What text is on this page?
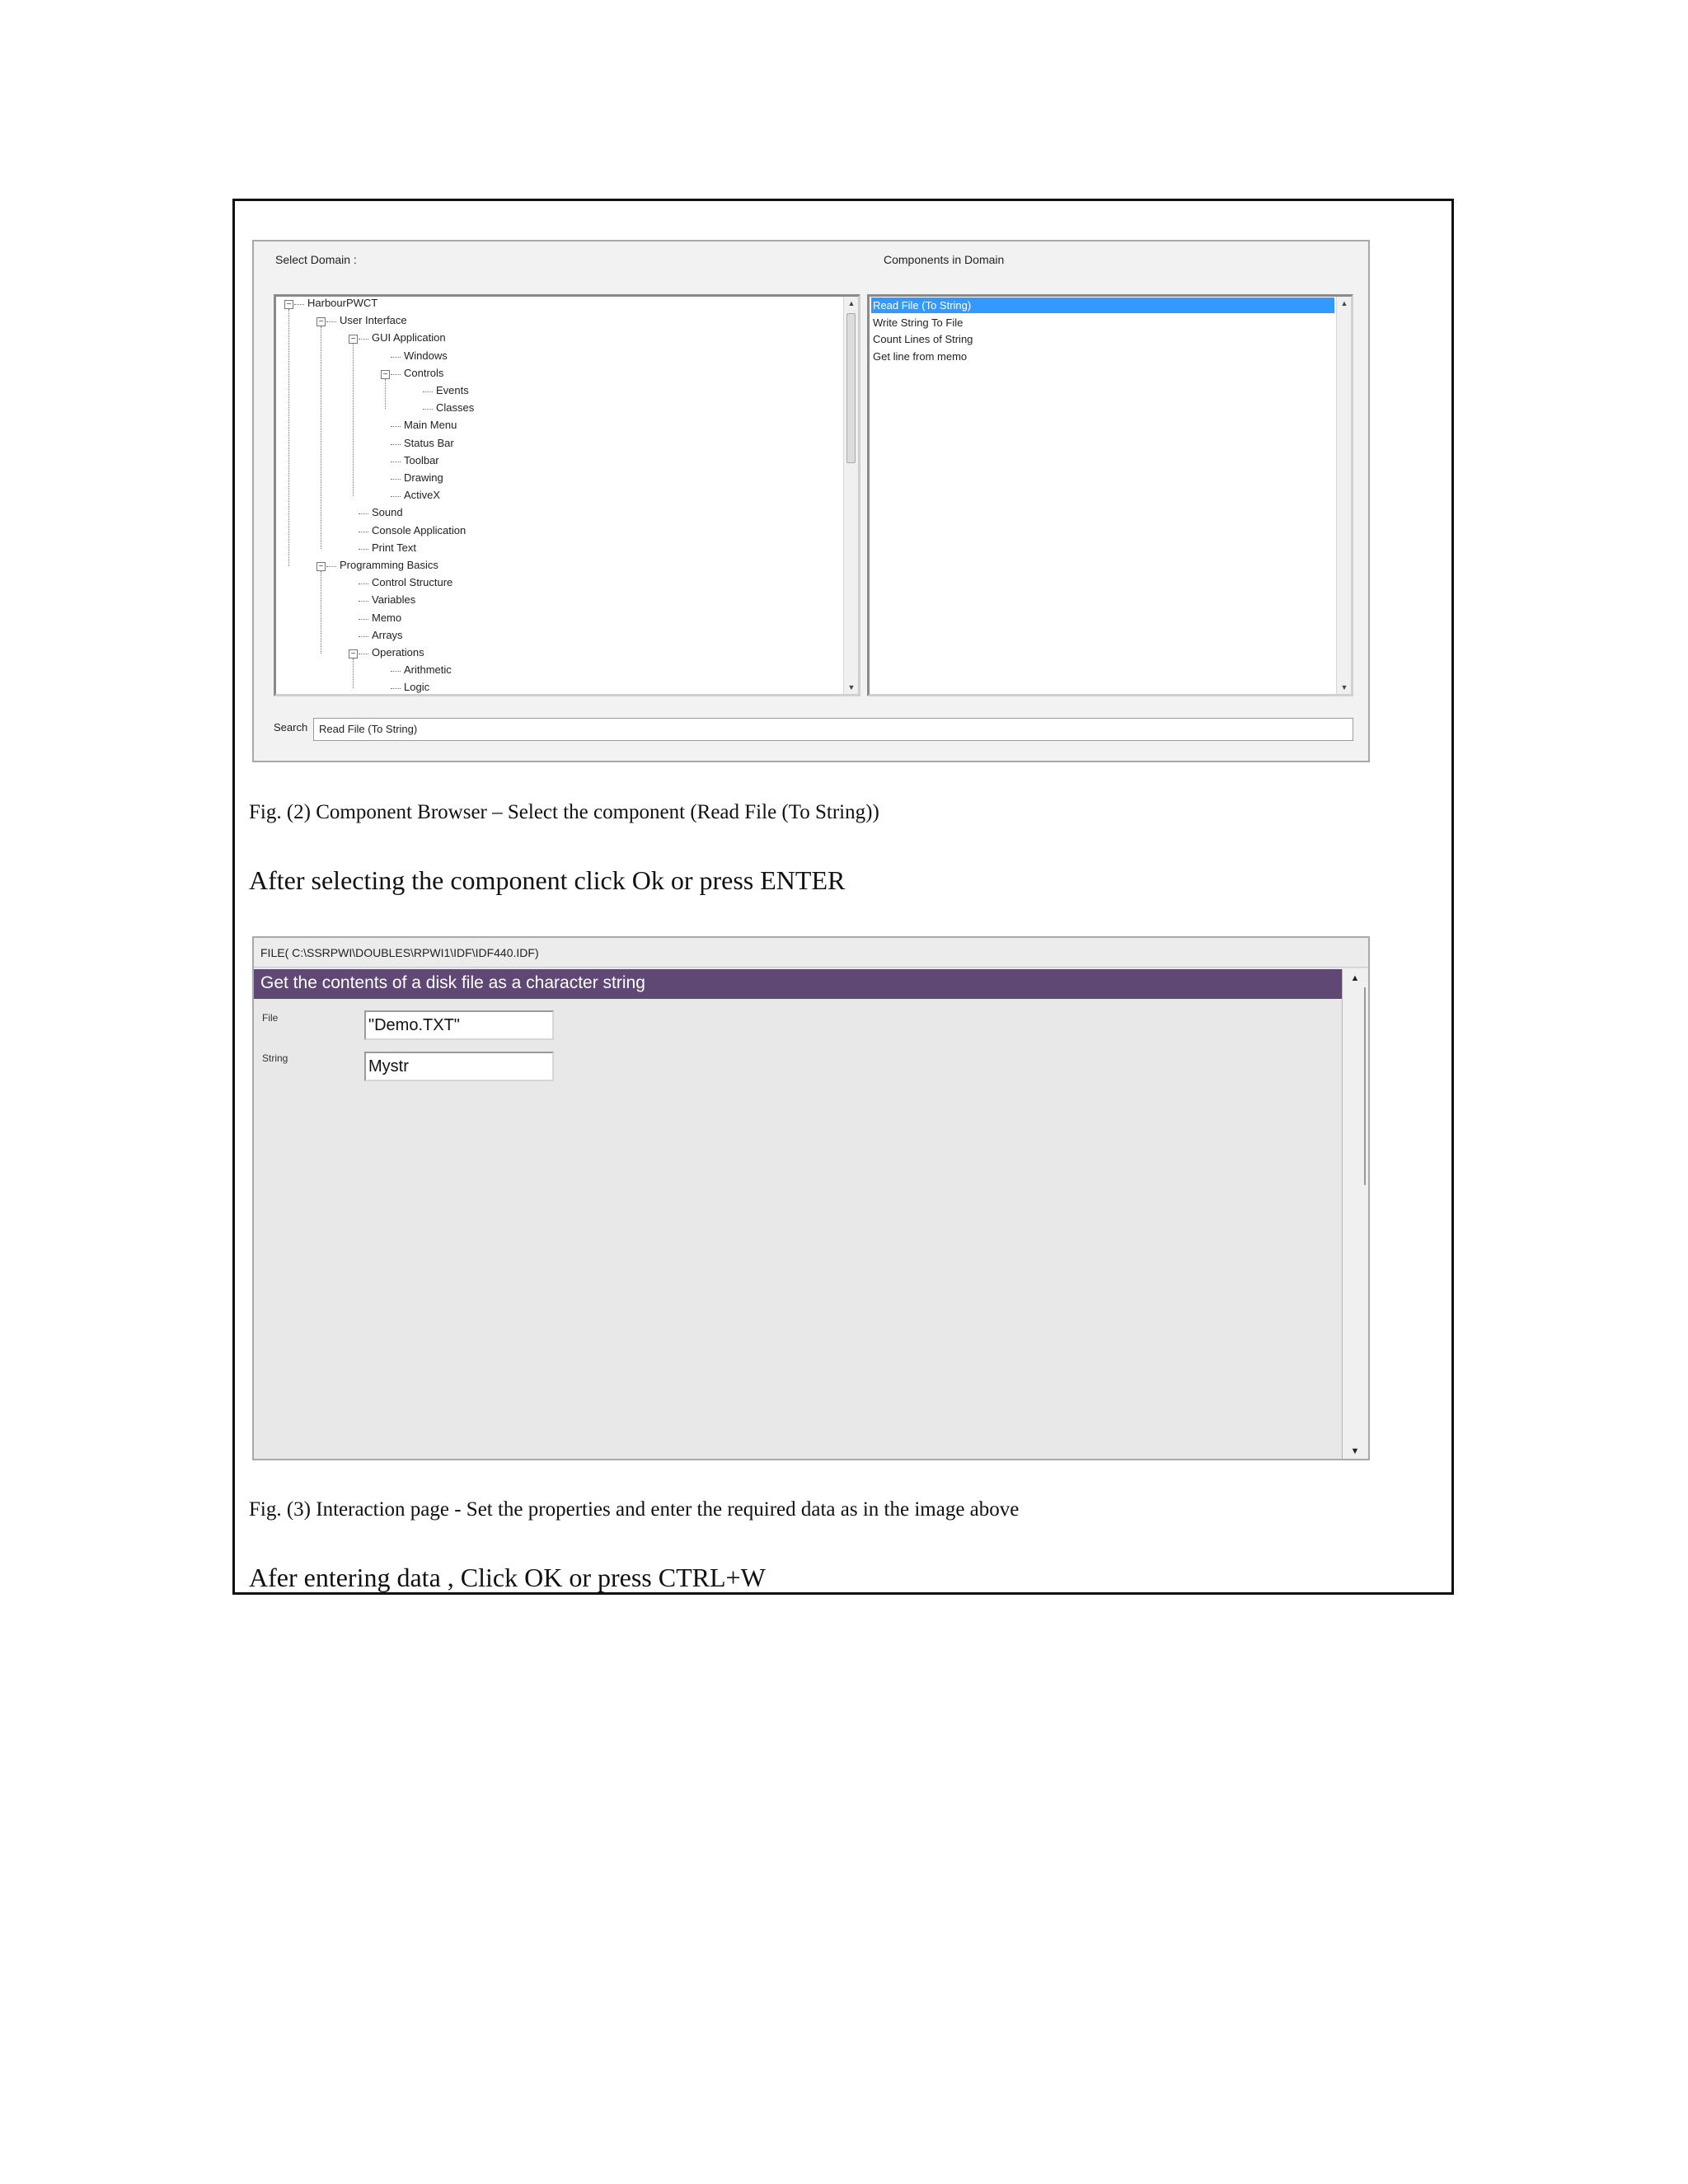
Select Domain :	Components in Domain
− HarbourPWCT
− User Interface
− GUI Application
Windows
− Controls
Events
Classes
Main Menu
Status Bar
Toolbar
Drawing
ActiveX
Sound
Console Application
Print Text
− Programming Basics
Control Structure
Variables
Memo
Arrays
− Operations
Arithmetic
Logic
▲
▼
Read File (To String)
Write String To File
Count Lines of String
Get line from memo
▲
▼
Search	Read File (To String)
Fig. (2) Component Browser – Select the component (Read File (To String))
After selecting the component click Ok or press ENTER
FILE( C:\SSRPWI\DOUBLES\RPWI1\IDF\IDF440.IDF)
Get the contents of a disk file as a character string
File	"Demo.TXT"
String	Mystr
▲
▼
Fig. (3) Interaction page - Set the properties and enter the required data as in the image above
Afer entering data , Click OK or press CTRL+W
